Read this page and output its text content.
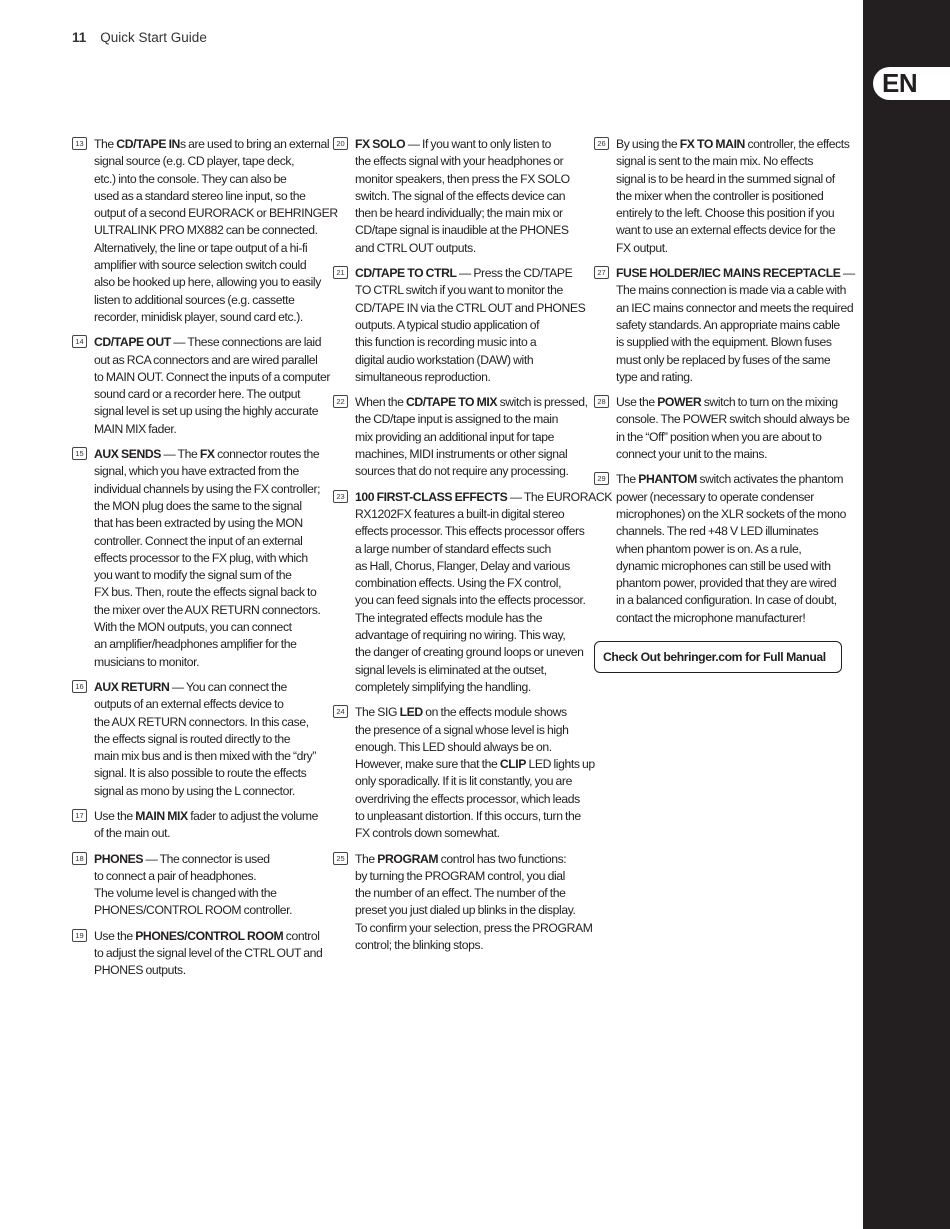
11 Quick Start Guide
EN
13 The CD/TAPE INs are used to bring an external
signal source (e.g. CD player, tape deck,
etc.) into the console. They can also be
used as a standard stereo line input, so the
output of a second EURORACK or BEHRINGER
ULTRALINK PRO MX882 can be connected.
Alternatively, the line or tape output of a hi-fi
amplifier with source selection switch could
also be hooked up here, allowing you to easily
listen to additional sources (e.g. cassette
recorder, minidisk player, sound card etc.).
14 CD/TAPE OUT — These connections are laid
out as RCA connectors and are wired parallel
to MAIN OUT. Connect the inputs of a computer
sound card or a recorder here. The output
signal level is set up using the highly accurate
MAIN MIX fader.
15 AUX SENDS — The FX connector routes the
signal, which you have extracted from the
individual channels by using the FX controller;
the MON plug does the same to the signal
that has been extracted by using the MON
controller. Connect the input of an external
effects processor to the FX plug, with which
you want to modify the signal sum of the
FX bus. Then, route the effects signal back to
the mixer over the AUX RETURN connectors.
With the MON outputs, you can connect
an amplifier/headphones amplifier for the
musicians to monitor.
16 AUX RETURN — You can connect the
outputs of an external effects device to
the AUX RETURN connectors. In this case,
the effects signal is routed directly to the
main mix bus and is then mixed with the “dry”
signal. It is also possible to route the effects
signal as mono by using the L connector.
17 Use the MAIN MIX fader to adjust the volume
of the main out.
18 PHONES — The connector is used
to connect a pair of headphones.
The volume level is changed with the
PHONES/CONTROL ROOM controller.
19 Use the PHONES/CONTROL ROOM control
to adjust the signal level of the CTRL OUT and
PHONES outputs.
20 FX SOLO — If you want to only listen to
the effects signal with your headphones or
monitor speakers, then press the FX SOLO
switch. The signal of the effects device can
then be heard individually; the main mix or
CD/tape signal is inaudible at the PHONES
and CTRL OUT outputs.
21 CD/TAPE TO CTRL — Press the CD/TAPE
TO CTRL switch if you want to monitor the
CD/TAPE IN via the CTRL OUT and PHONES
outputs. A typical studio application of
this function is recording music into a
digital audio workstation (DAW) with
simultaneous reproduction.
22 When the CD/TAPE TO MIX switch is pressed,
the CD/tape input is assigned to the main
mix providing an additional input for tape
machines, MIDI instruments or other signal
sources that do not require any processing.
23 100 FIRST-CLASS EFFECTS — The EURORACK
RX1202FX features a built-in digital stereo
effects processor. This effects processor offers
a large number of standard effects such
as Hall, Chorus, Flanger, Delay and various
combination effects. Using the FX control,
you can feed signals into the effects processor.
The integrated effects module has the
advantage of requiring no wiring. This way,
the danger of creating ground loops or uneven
signal levels is eliminated at the outset,
completely simplifying the handling.
24 The SIG LED on the effects module shows
the presence of a signal whose level is high
enough. This LED should always be on.
However, make sure that the CLIP LED lights up
only sporadically. If it is lit constantly, you are
overdriving the effects processor, which leads
to unpleasant distortion. If this occurs, turn the
FX controls down somewhat.
25 The PROGRAM control has two functions:
by turning the PROGRAM control, you dial
the number of an effect. The number of the
preset you just dialed up blinks in the display.
To confirm your selection, press the PROGRAM
control; the blinking stops.
26 By using the FX TO MAIN controller, the effects
signal is sent to the main mix. No effects
signal is to be heard in the summed signal of
the mixer when the controller is positioned
entirely to the left. Choose this position if you
want to use an external effects device for the
FX output.
27 FUSE HOLDER/IEC MAINS RECEPTACLE —
The mains connection is made via a cable with
an IEC mains connector and meets the required
safety standards. An appropriate mains cable
is supplied with the equipment. Blown fuses
must only be replaced by fuses of the same
type and rating.
28 Use the POWER switch to turn on the mixing
console. The POWER switch should always be
in the “Off” position when you are about to
connect your unit to the mains.
29 The PHANTOM switch activates the phantom
power (necessary to operate condenser
microphones) on the XLR sockets of the mono
channels. The red +48 V LED illuminates
when phantom power is on. As a rule,
dynamic microphones can still be used with
phantom power, provided that they are wired
in a balanced configuration. In case of doubt,
contact the microphone manufacturer!
Check Out behringer.com for Full Manual
